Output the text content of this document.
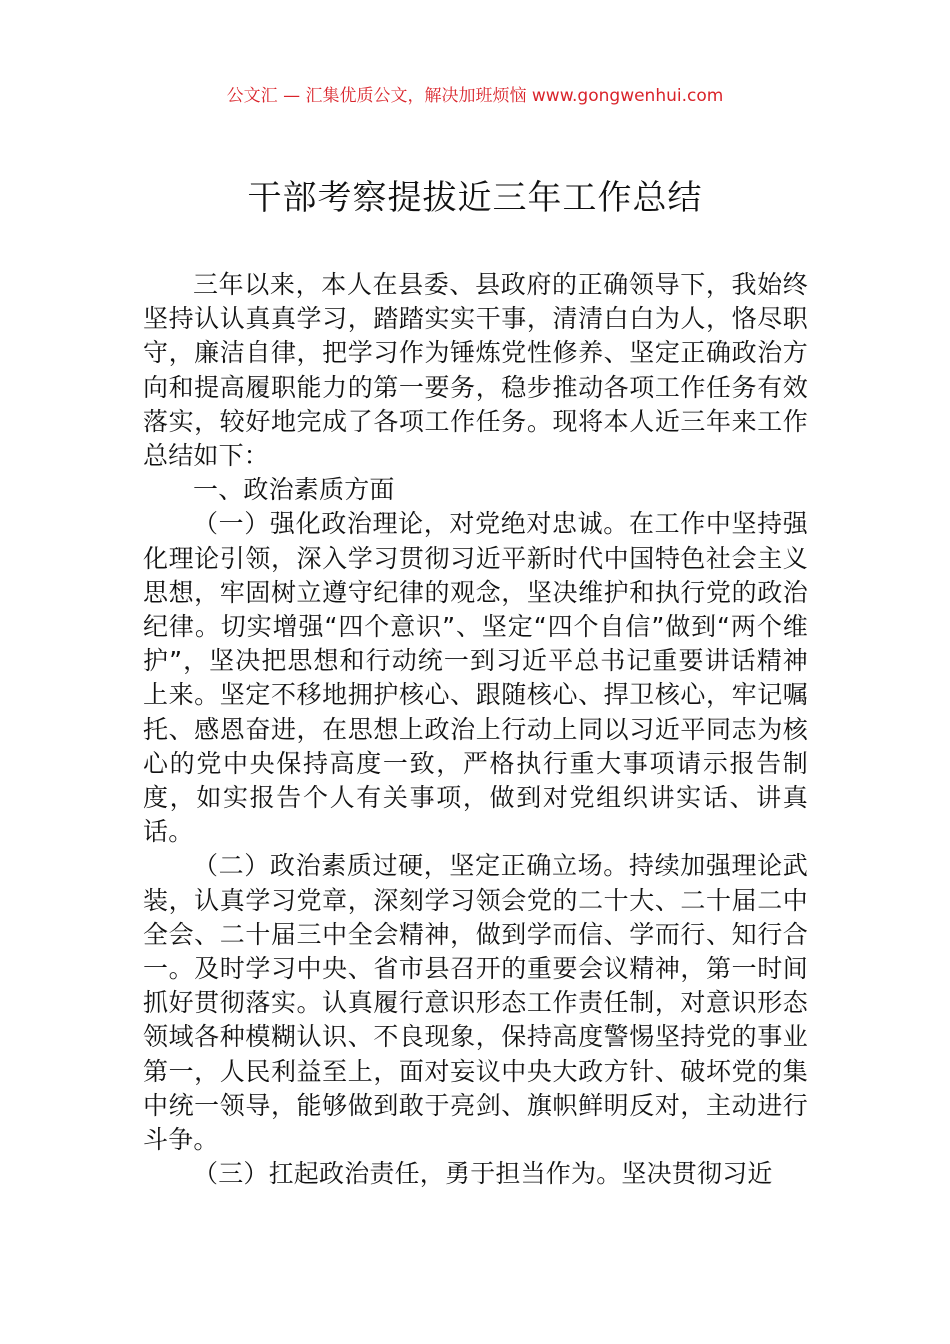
公文汇 — 汇集优质公文，解决加班烦恼 www.gongwenhui.com
干部考察提拔近三年工作总结

三年以来，本人在县委、县政府的正确领导下，我始终坚持认认真真学习，踏踏实实干事，清清白白为人，恪尽职守，廉洁自律，把学习作为锤炼党性修养、坚定正确政治方向和提高履职能力的第一要务，稳步推动各项工作任务有效落实，较好地完成了各项工作任务。现将本人近三年来工作总结如下：

一、政治素质方面

（一）强化政治理论，对党绝对忠诚。在工作中坚持强化理论引领，深入学习贯彻习近平新时代中国特色社会主义思想，牢固树立遵守纪律的观念，坚决维护和执行党的政治纪律。切实增强“四个意识”、坚定“四个自信”做到“两个维护”，坚决把思想和行动统一到习近平总书记重要讲话精神上来。坚定不移地拥护核心、跟随核心、捍卫核心，牢记嘱托、感恩奋进，在思想上政治上行动上同以习近平同志为核心的党中央保持高度一致，严格执行重大事项请示报告制度，如实报告个人有关事项，做到对党组织讲实话、讲真话。

（二）政治素质过硬，坚定正确立场。持续加强理论武装，认真学习党章，深刻学习领会党的二十大、二十届二中全会、二十届三中全会精神，做到学而信、学而行、知行合一。及时学习中央、省市县召开的重要会议精神，第一时间抓好贯彻落实。认真履行意识形态工作责任制，对意识形态领域各种模糊认识、不良现象，保持高度警惕坚持党的事业第一，人民利益至上，面对妄议中央大政方针、破坏党的集中统一领导，能够做到敢于亮剑、旗帜鲜明反对，主动进行斗争。

（三）扛起政治责任，勇于担当作为。坚决贯彻习近
